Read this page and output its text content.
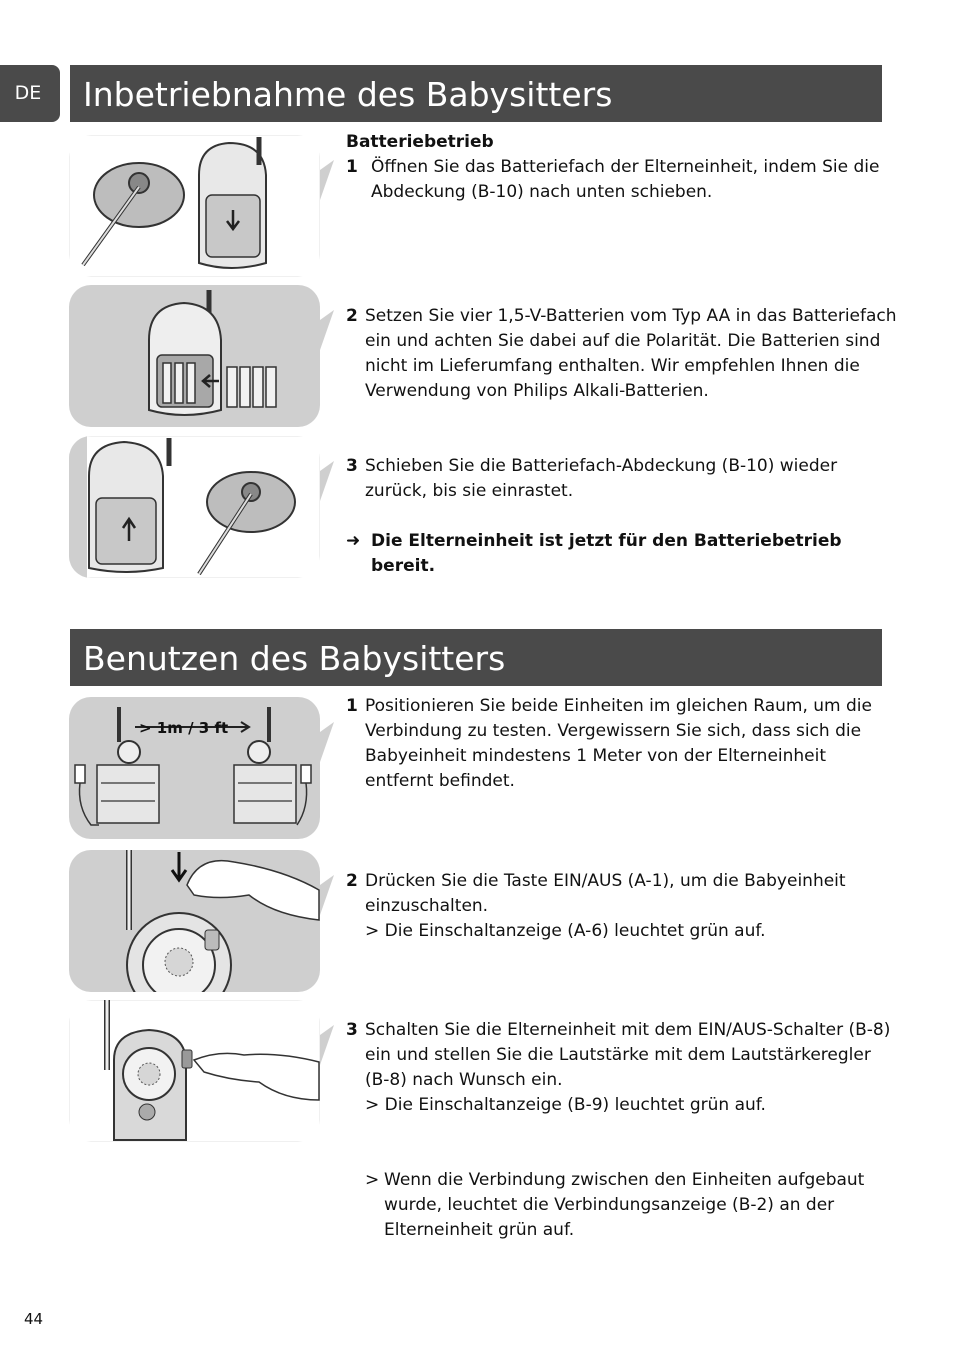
DE	Inbetriebnahme des Babysitters
Benutzen des Babysitters
> 1m / 3 ft
Batteriebetrieb
1 Öffnen Sie das Batteriefach der Elterneinheit, indem Sie die
Abdeckung (B-10) nach unten schieben.
2 Setzen Sie vier 1,5-V-Batterien vom Typ AA in das Batteriefach
ein und achten Sie dabei auf die Polarität. Die Batterien sind
nicht im Lieferumfang enthalten. Wir empfehlen Ihnen die
Verwendung von Philips Alkali-Batterien.
3 Schieben Sie die Batteriefach-Abdeckung (B-10) wieder
zurück, bis sie einrastet.
➜ Die Elterneinheit ist jetzt für den Batteriebetrieb
bereit.
1 Positionieren Sie beide Einheiten im gleichen Raum, um die
Verbindung zu testen. Vergewissern Sie sich, dass sich die
Babyeinheit mindestens 1 Meter von der Elterneinheit
entfernt befindet.
2 Drücken Sie die Taste EIN/AUS (A-1), um die Babyeinheit
einzuschalten.
> Die Einschaltanzeige (A-6) leuchtet grün auf.
3 Schalten Sie die Elterneinheit mit dem EIN/AUS-Schalter (B-8)
ein und stellen Sie die Lautstärke mit dem Lautstärkeregler
(B-8) nach Wunsch ein.
> Die Einschaltanzeige (B-9) leuchtet grün auf.
> Wenn die Verbindung zwischen den Einheiten aufgebaut
wurde, leuchtet die Verbindungsanzeige (B-2) an der
Elterneinheit grün auf.
44
